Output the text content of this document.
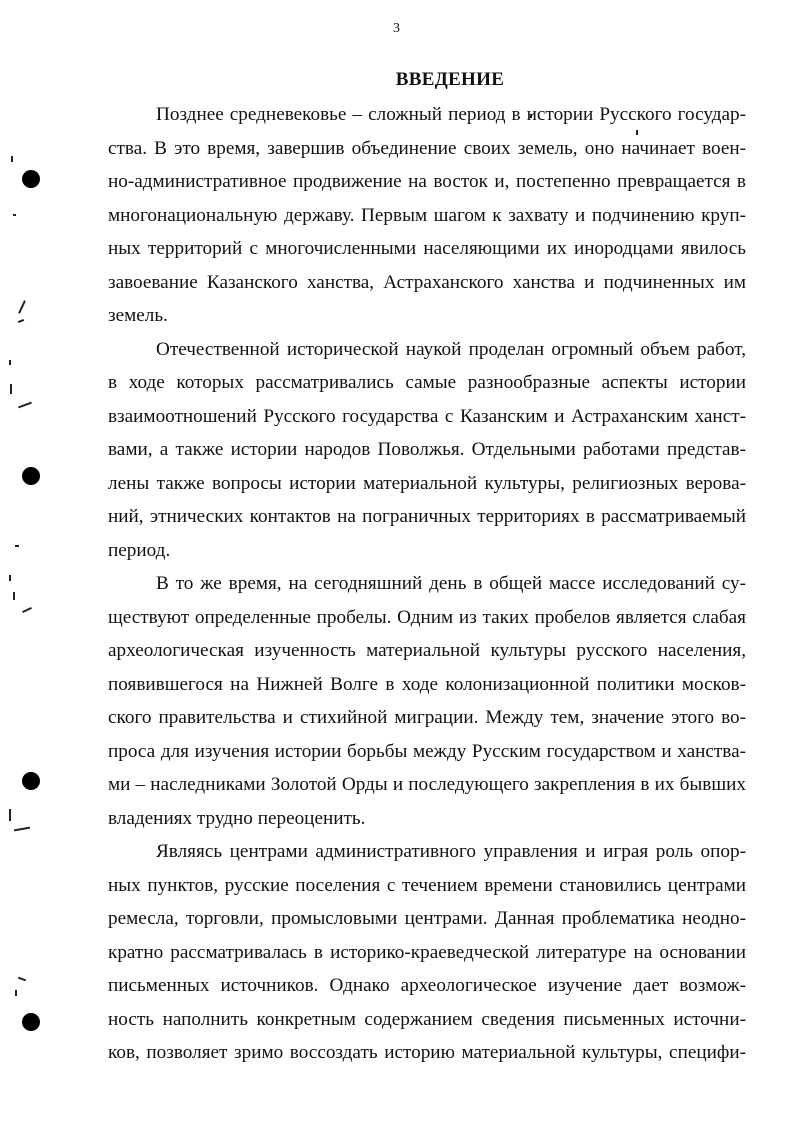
3
ВВЕДЕНИЕ

Позднее средневековье – сложный период в истории Русского государ-
ства. В это время, завершив объединение своих земель, оно начинает воен-
но-административное продвижение на восток и, постепенно превращается в
многонациональную державу. Первым шагом к захвату и подчинению круп-
ных территорий с многочисленными населяющими их инородцами явилось
завоевание Казанского ханства, Астраханского ханства и подчиненных им
земель.

Отечественной исторической наукой проделан огромный объем работ,
в ходе которых рассматривались самые разнообразные аспекты истории
взаимоотношений Русского государства с Казанским и Астраханским ханст-
вами, а также истории народов Поволжья. Отдельными работами представ-
лены также вопросы истории материальной культуры, религиозных верова-
ний, этнических контактов на пограничных территориях в рассматриваемый
период.

В то же время, на сегодняшний день в общей массе исследований су-
ществуют определенные пробелы. Одним из таких пробелов является слабая
археологическая изученность материальной культуры русского населения,
появившегося на Нижней Волге в ходе колонизационной политики москов-
ского правительства и стихийной миграции. Между тем, значение этого во-
проса для изучения истории борьбы между Русским государством и ханства-
ми – наследниками Золотой Орды и последующего закрепления в их бывших
владениях трудно переоценить.

Являясь центрами административного управления и играя роль опор-
ных пунктов, русские поселения с течением времени становились центрами
ремесла, торговли, промысловыми центрами. Данная проблематика неодно-
кратно рассматривалась в историко-краеведческой литературе на основании
письменных источников. Однако археологическое изучение дает возмож-
ность наполнить конкретным содержанием сведения письменных источни-
ков, позволяет зримо воссоздать историю материальной культуры, специфи-
